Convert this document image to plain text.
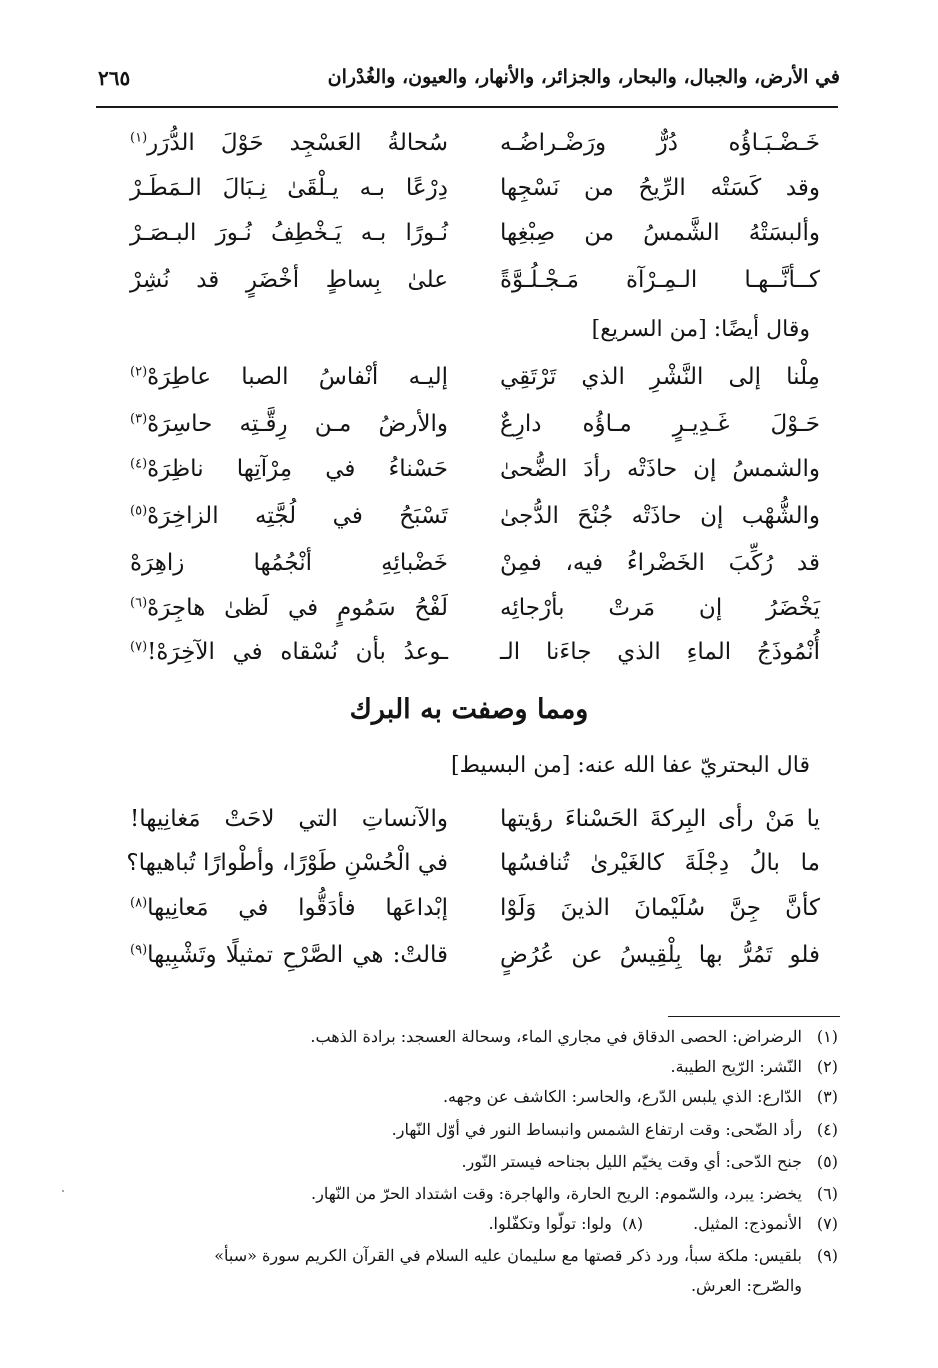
في الأرض، والجبال، والبحار، والجزائر، والأنهار، والعيون، والغُدْران
٢٦٥
خَـضْـبَـاؤُه دُرٌّ ورَضْـراضُـه
سُحالةُ العَسْجِد حَوْلَ الدُّرَر$^{(١)}$
وقد كَسَتْه الرِّيحُ من نَسْجِها
دِرْعًا بـه يـلْقَىٰ نِـبَالَ الـمَطَـرْ
وألبسَتْهُ الشَّمسُ من صِبْغِها
نُـورًا بـه يَـخْطِفُ نُـورَ البـصَـرْ
كــأنَّــهـا الـمِـرْآة مَـجْـلُـوَّةً
علىٰ بِساطٍ أخْضَرٍ قد نُشِرْ
وقال أيضًا: [من السريع]
مِلْنا إلى النَّشْرِ الذي تَرْتَقِي
إليـه أنْفاسُ الصبا عاطِرَهْ$^{(٢)}$
حَـوْلَ غَـدِيـرٍ مـاؤُه دارِعٌ
والأرضُ مـن رِقَّـتِه حاسِرَهْ$^{(٣)}$
والشمسُ إن حاذَتْه رأدَ الضُّحىٰ
حَسْناءُ في مِرْآتِها ناظِرَهْ$^{(٤)}$
والشُّهْب إن حاذَتْه جُنْحَ الدُّجىٰ
تَسْبَحُ في لُجَّتِه الزاخِرَهْ$^{(٥)}$
قد رُكِّبَ الخَضْراءُ فيه، فمِنْ
خَضْبائِهِ أنْجُمُها زاهِرَهْ
يَخْضَرُ إن مَرتْ بأرْجائِه
لَفْحُ سَمُومٍ في لَظىٰ هاجِرَهْ$^{(٦)}$
أُنْمُوذَجُ الماءِ الذي جاءَنا الـ
ـوعدُ بأن نُسْقاه في الآخِرَهْ!$^{(٧)}$
ومما وصفت به البرك
قال البحتريّ عفا الله عنه: [من البسيط]
يا مَنْ رأى البِركةَ الحَسْناءَ رؤيتها
والآنساتِ التي لاحَتْ مَغانِيها!
ما بالُ دِجْلَةَ كالغَيْرىٰ تُنافسُها
في الْحُسْنِ طَوْرًا، وأطْوارًا تُباهيها؟
كأنَّ جِنَّ سُلَيْمانَ الذينَ وَلَوْا
إبْداعَها فأدَقُّوا في مَعانِيها$^{(٨)}$
فلو تَمُرُّ بها بِلْقِيسُ عن عُرُضٍ
قالتْ: هي الصَّرْحِ تمثيلًا وتَشْبِيها$^{(٩)}$
(١)الرضراض: الحصى الدقاق في مجاري الماء، وسحالة العسجد: برادة الذهب.
(٢)النّشر: الرّيح الطيبة.
(٣)الدّارع: الذي يلبس الدّرع، والحاسر: الكاشف عن وجهه.
(٤)رأد الضّحى: وقت ارتفاع الشمس وانبساط النور في أوّل النّهار.
(٥)جنح الدّحى: أي وقت يخيّم الليل بجناحه فيستر النّور.
(٦)يخضر: يبرد، والسّموم: الريح الحارة، والهاجرة: وقت اشتداد الحرّ من النّهار.
(٧)الأنموذج: المثيل.(٨)  ولوا: تولّوا وتكفّلوا.
(٩)بلقيس: ملكة سبأ، ورد ذكر قصتها مع سليمان عليه السلام في القرآن الكريم سورة «سبأ»
والصّرح: العرش.
